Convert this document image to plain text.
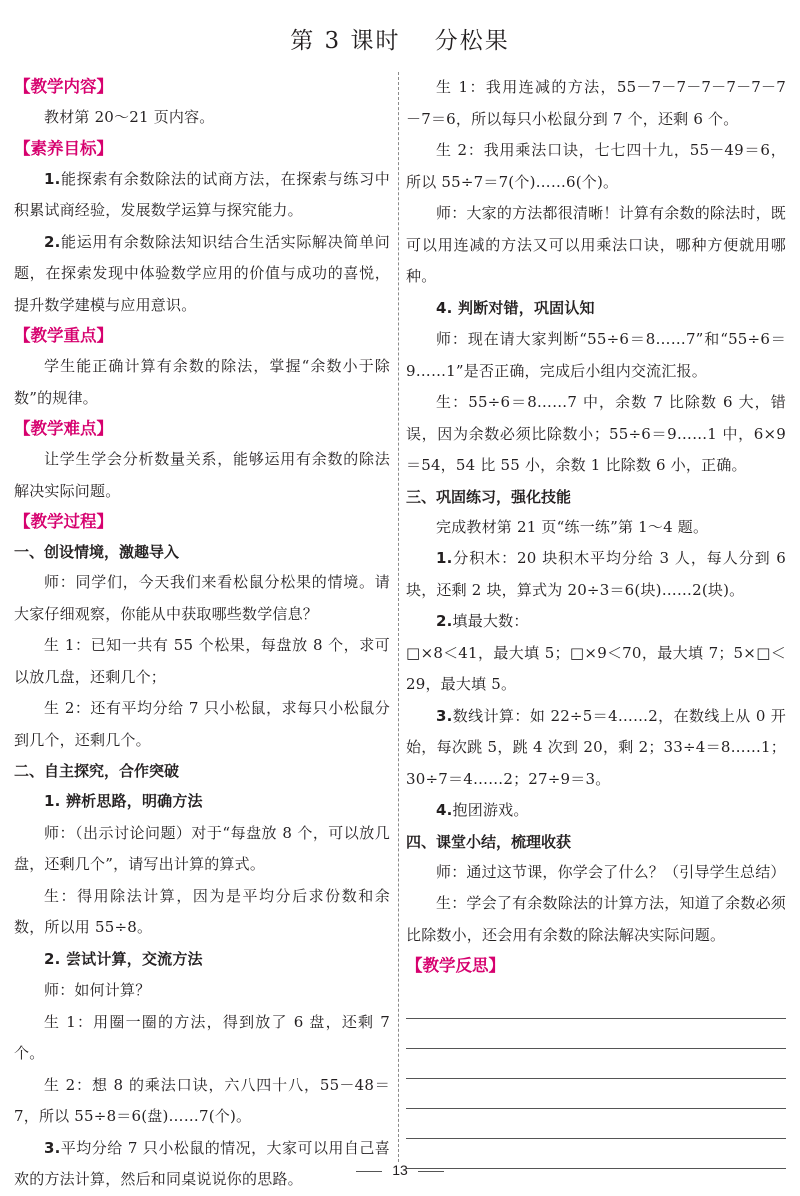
第 3 课时　 分松果
【教学内容】

教材第 20～21 页内容。

【素养目标】

1.能探索有余数除法的试商方法，在探索与练习中积累试商经验，发展数学运算与探究能力。

2.能运用有余数除法知识结合生活实际解决简单问题，在探索发现中体验数学应用的价值与成功的喜悦，提升数学建模与应用意识。

【教学重点】

学生能正确计算有余数的除法，掌握“余数小于除数”的规律。

【教学难点】

让学生学会分析数量关系，能够运用有余数的除法解决实际问题。

【教学过程】
一、创设情境，激趣导入

师：同学们，今天我们来看松鼠分松果的情境。请大家仔细观察，你能从中获取哪些数学信息？

生 1：已知一共有 55 个松果，每盘放 8 个，求可以放几盘，还剩几个；

生 2：还有平均分给 7 只小松鼠，求每只小松鼠分到几个，还剩几个。

二、自主探究，合作突破

1. 辨析思路，明确方法

师：（出示讨论问题）对于“每盘放 8 个，可以放几盘，还剩几个”，请写出计算的算式。

生：得用除法计算，因为是平均分后求份数和余数，所以用 55÷8。

2. 尝试计算，交流方法

师：如何计算？

生 1：用圈一圈的方法，得到放了 6 盘，还剩 7 个。

生 2：想 8 的乘法口诀，六八四十八，55－48＝7，所以 55÷8＝6(盘)……7(个)。

3.平均分给 7 只小松鼠的情况，大家可以用自己喜欢的方法计算，然后和同桌说说你的思路。

生 1：我用连减的方法，55－7－7－7－7－7－7－7＝6，所以每只小松鼠分到 7 个，还剩 6 个。

生 2：我用乘法口诀，七七四十九，55－49＝6，所以 55÷7＝7(个)……6(个)。

师：大家的方法都很清晰！计算有余数的除法时，既可以用连减的方法又可以用乘法口诀，哪种方便就用哪种。

4. 判断对错，巩固认知

师：现在请大家判断“55÷6＝8……7”和“55÷6＝9……1”是否正确，完成后小组内交流汇报。

生：55÷6＝8……7 中，余数 7 比除数 6 大，错误，因为余数必须比除数小；55÷6＝9……1 中，6×9＝54，54 比 55 小，余数 1 比除数 6 小，正确。

三、巩固练习，强化技能

完成教材第 21 页“练一练”第 1～4 题。

1.分积木：20 块积木平均分给 3 人，每人分到 6 块，还剩 2 块，算式为 20÷3＝6(块)……2(块)。

2.填最大数：

□×8＜41，最大填 5；□×9＜70，最大填 7；5×□＜29，最大填 5。

3.数线计算：如 22÷5＝4……2，在数线上从 0 开始，每次跳 5，跳 4 次到 20，剩 2；33÷4＝8……1；30÷7＝4……2；27÷9＝3。

4.抱团游戏。

四、课堂小结，梳理收获

师：通过这节课，你学会了什么？（引导学生总结）

生：学会了有余数除法的计算方法，知道了余数必须比除数小，还会用有余数的除法解决实际问题。

【教学反思】
13
